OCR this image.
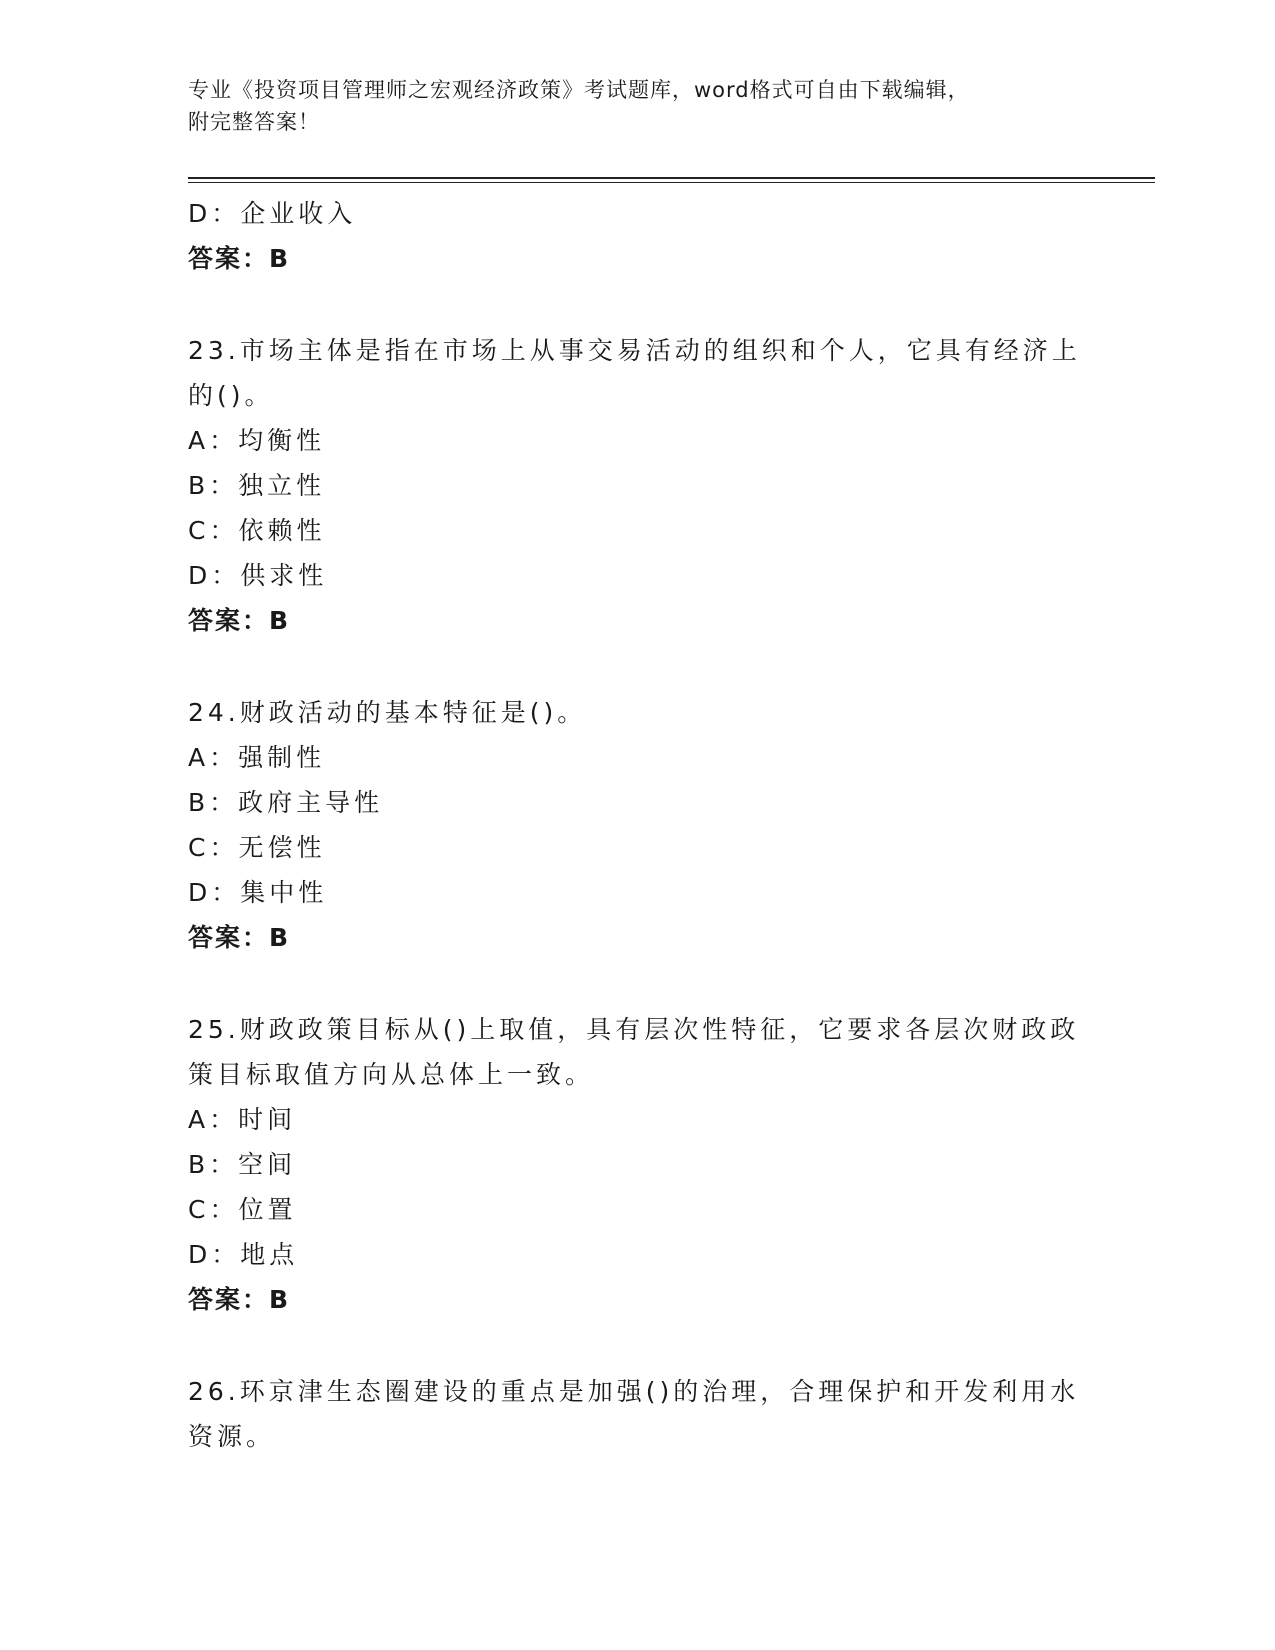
专业《投资项目管理师之宏观经济政策》考试题库，word格式可自由下载编辑，
附完整答案！
D：企业收入
答案：B
23.市场主体是指在市场上从事交易活动的组织和个人，它具有经济上
的()。
A：均衡性
B：独立性
C：依赖性
D：供求性
答案：B
24.财政活动的基本特征是()。
A：强制性
B：政府主导性
C：无偿性
D：集中性
答案：B
25.财政政策目标从()上取值，具有层次性特征，它要求各层次财政政
策目标取值方向从总体上一致。
A：时间
B：空间
C：位置
D：地点
答案：B
26.环京津生态圈建设的重点是加强()的治理，合理保护和开发利用水
资源。
